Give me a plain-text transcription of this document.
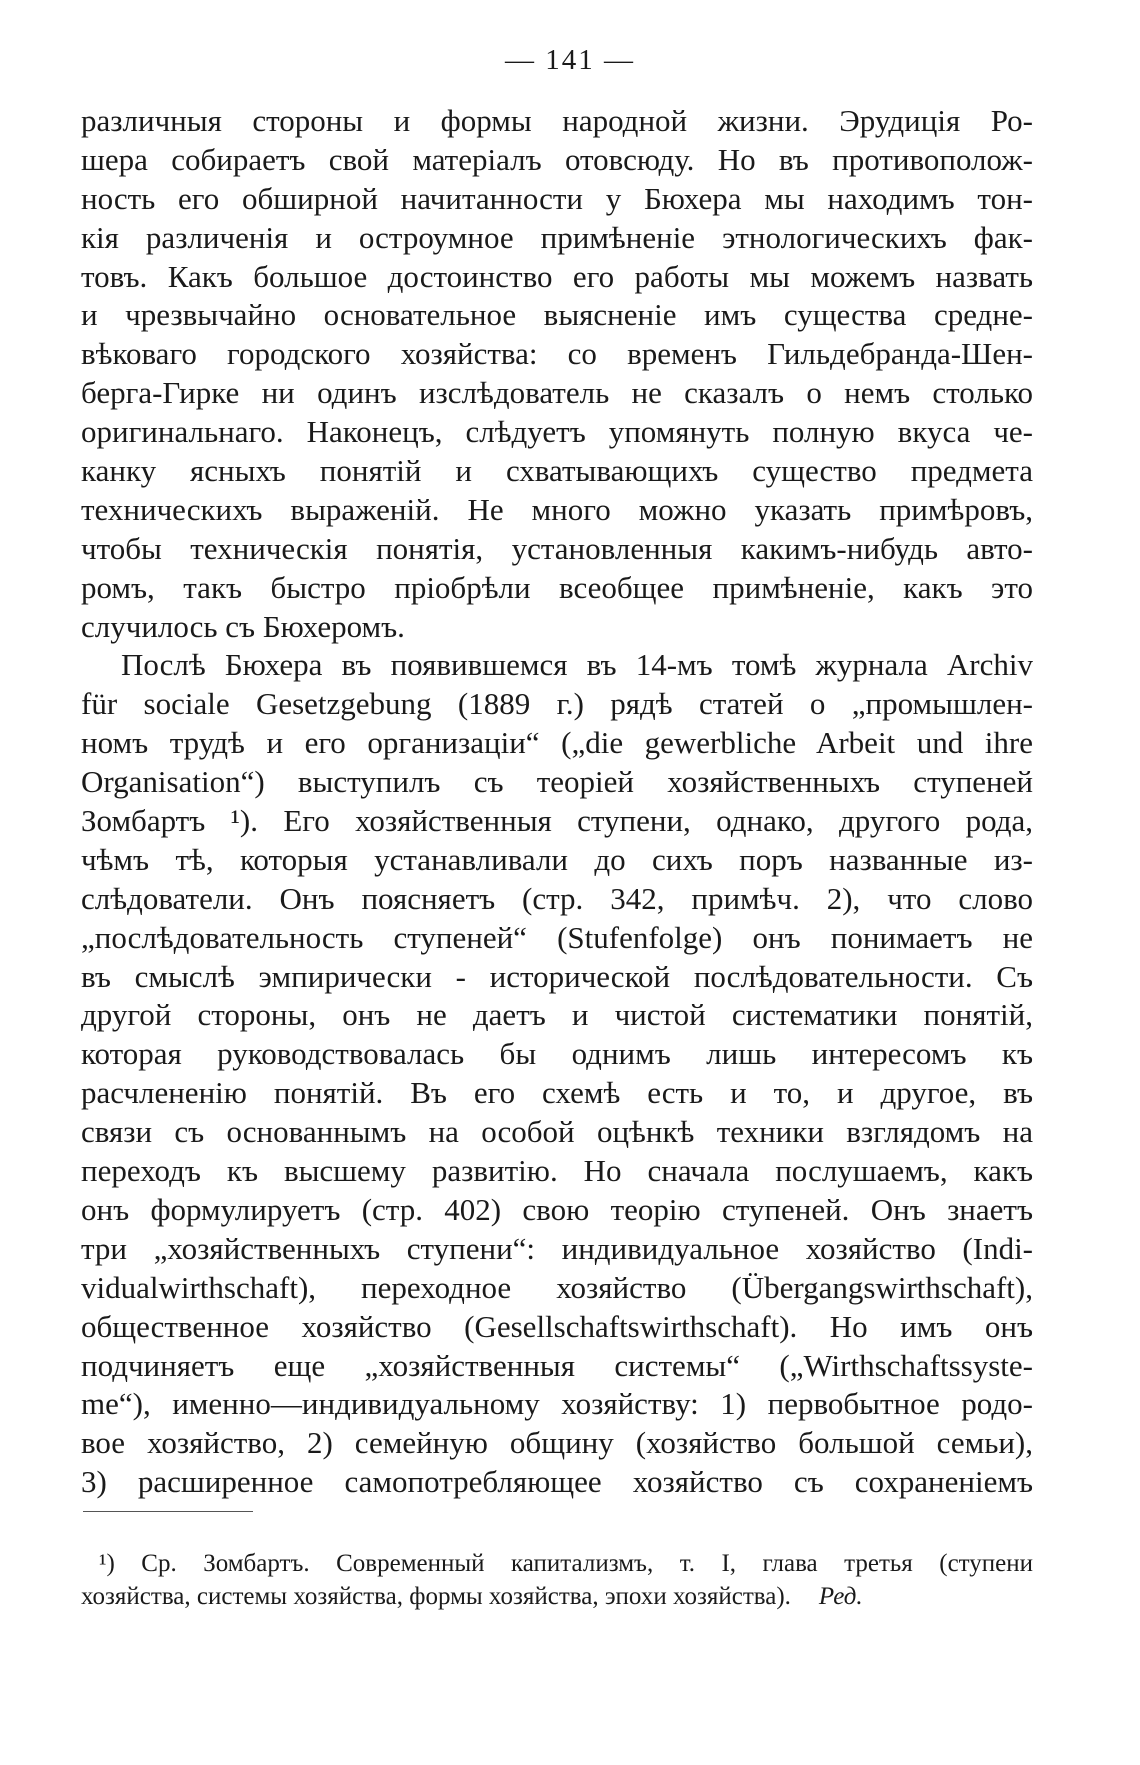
— 141 —
различныя стороны и формы народной жизни. Эрудиція Ро-
шера собираетъ свой матеріалъ отовсюду. Но въ противополож-
ность его обширной начитанности у Бюхера мы находимъ тон-
кія различенія и остроумное примѣненіе этнологическихъ фак-
товъ. Какъ большое достоинство его работы мы можемъ назвать
и чрезвычайно основательное выясненіе имъ существа средне-
вѣковаго городского хозяйства: со временъ Гильдебранда-Шен-
берга-Гирке ни одинъ изслѣдователь не сказалъ о немъ столько
оригинальнаго. Наконецъ, слѣдуетъ упомянуть полную вкуса че-
канку ясныхъ понятій и схватывающихъ существо предмета
техническихъ выраженій. Не много можно указать примѣровъ,
чтобы техническія понятія, установленныя какимъ-нибудь авто-
ромъ, такъ быстро пріобрѣли всеобщее примѣненіе, какъ это
случилось съ Бюхеромъ.
Послѣ Бюхера въ появившемся въ 14-мъ томѣ журнала Archiv
für sociale Gesetzgebung (1889 г.) рядѣ статей о „промышлен-
номъ трудѣ и его организаціи“ („die gewerbliche Arbeit und ihre
Organisation“) выступилъ съ теоріей хозяйственныхъ ступеней
Зомбартъ ¹). Его хозяйственныя ступени, однако, другого рода,
чѣмъ тѣ, которыя устанавливали до сихъ поръ названные из-
слѣдователи. Онъ поясняетъ (стр. 342, примѣч. 2), что слово
„послѣдовательность ступеней“ (Stufenfolge) онъ понимаетъ не
въ смыслѣ эмпирически - исторической послѣдовательности. Съ
другой стороны, онъ не даетъ и чистой систематики понятій,
которая руководствовалась бы однимъ лишь интересомъ къ
расчлененію понятій. Въ его схемѣ есть и то, и другое, въ
связи съ основаннымъ на особой оцѣнкѣ техники взглядомъ на
переходъ къ высшему развитію. Но сначала послушаемъ, какъ
онъ формулируетъ (стр. 402) свою теорію ступеней. Онъ знаетъ
три „хозяйственныхъ ступени“: индивидуальное хозяйство (Indi-
vidualwirthschaft), переходное хозяйство (Übergangswirthschaft),
общественное хозяйство (Gesellschaftswirthschaft). Но имъ онъ
подчиняетъ еще „хозяйственныя системы“ („Wirthschaftssyste-
me“), именно—индивидуальному хозяйству: 1) первобытное родо-
вое хозяйство, 2) семейную общину (хозяйство большой семьи),
3) расширенное самопотребляющее хозяйство съ сохраненіемъ
¹) Ср. Зомбартъ. Современный капитализмъ, т. I, глава третья (ступени
хозяйства, системы хозяйства, формы хозяйства, эпохи хозяйства). Ред.
